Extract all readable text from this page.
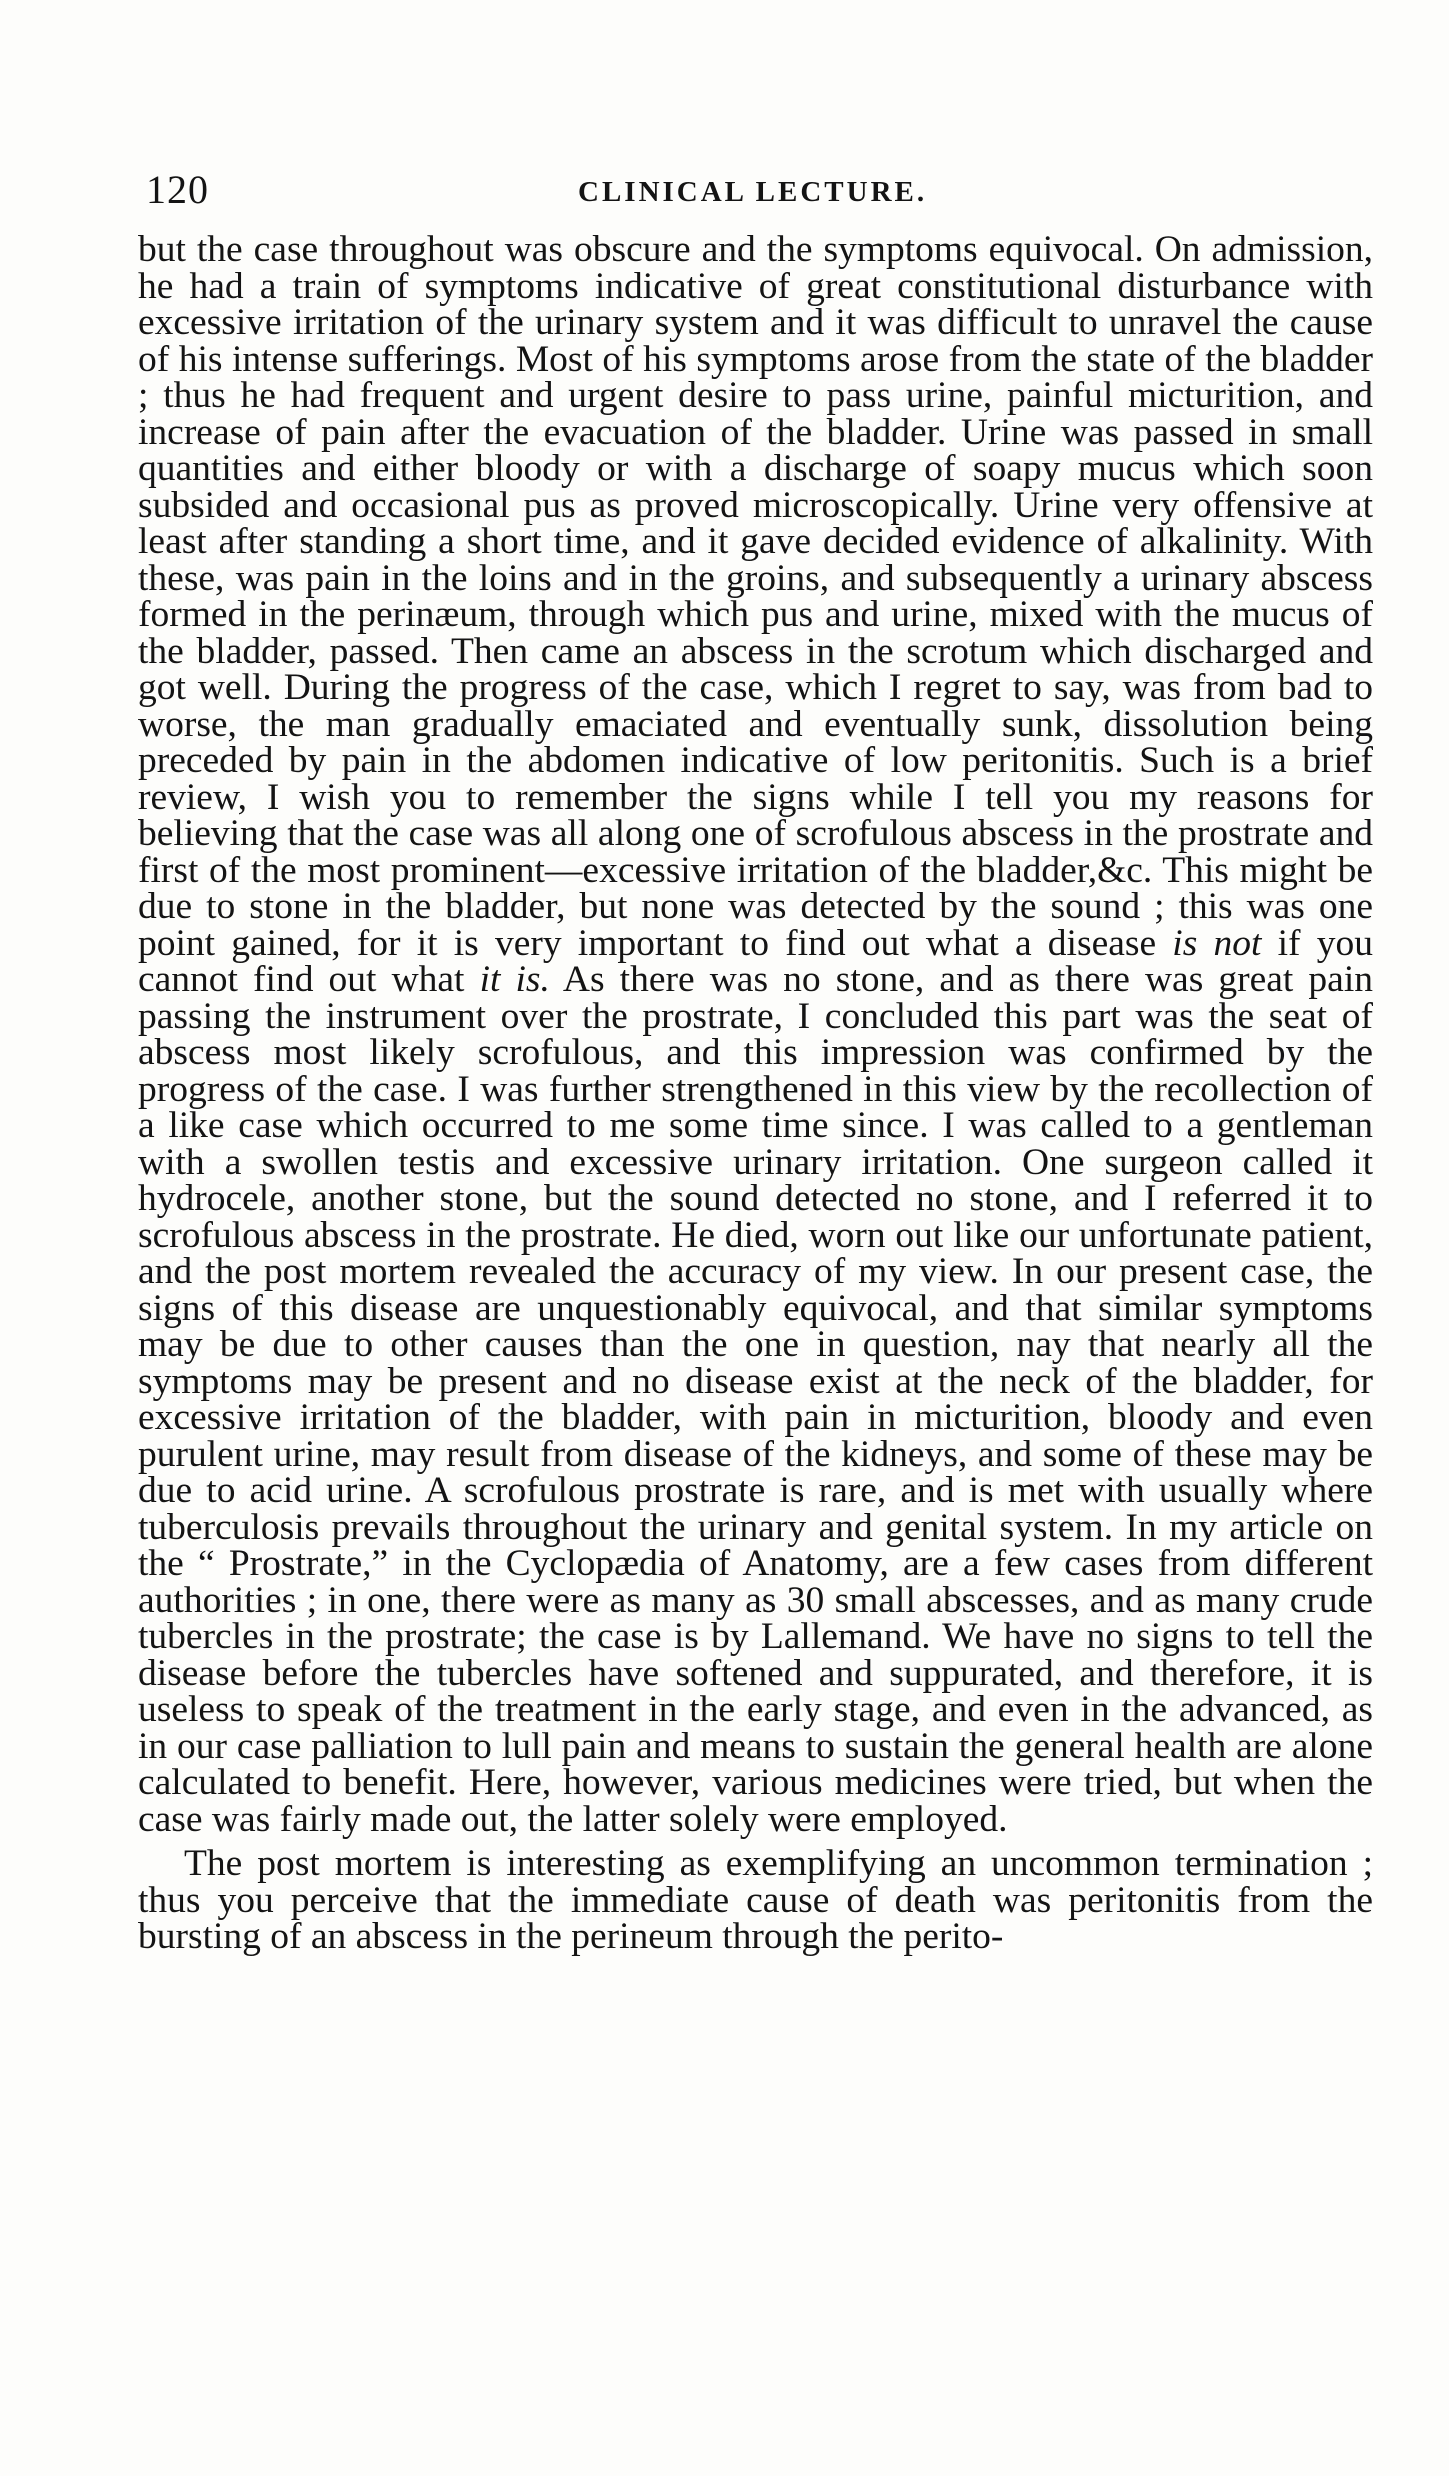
120	CLINICAL LECTURE.

but the case throughout was obscure and the symptoms equivocal. On admission, he had a train of symptoms indicative of great constitutional disturbance with excessive irritation of the urinary system and it was difficult to unravel the cause of his intense sufferings. Most of his symptoms arose from the state of the bladder ; thus he had frequent and urgent desire to pass urine, painful micturition, and increase of pain after the evacuation of the bladder. Urine was passed in small quantities and either bloody or with a discharge of soapy mucus which soon subsided and occasional pus as proved microscopically. Urine very offensive at least after standing a short time, and it gave decided evidence of alkalinity. With these, was pain in the loins and in the groins, and subsequently a urinary abscess formed in the perinæum, through which pus and urine, mixed with the mucus of the bladder, passed. Then came an abscess in the scrotum which discharged and got well. During the progress of the case, which I regret to say, was from bad to worse, the man gradually emaciated and eventually sunk, dissolution being preceded by pain in the abdomen indicative of low peritonitis. Such is a brief review, I wish you to remember the signs while I tell you my reasons for believing that the case was all along one of scrofulous abscess in the prostrate and first of the most prominent—excessive irritation of the bladder,&c. This might be due to stone in the bladder, but none was detected by the sound ; this was one point gained, for it is very important to find out what a disease is not if you cannot find out what it is. As there was no stone, and as there was great pain passing the instrument over the prostrate, I concluded this part was the seat of abscess most likely scrofulous, and this impression was confirmed by the progress of the case. I was further strengthened in this view by the recollection of a like case which occurred to me some time since. I was called to a gentleman with a swollen testis and excessive urinary irritation. One surgeon called it hydrocele, another stone, but the sound detected no stone, and I referred it to scrofulous abscess in the prostrate. He died, worn out like our unfortunate patient, and the post mortem revealed the accuracy of my view. In our present case, the signs of this disease are unquestionably equivocal, and that similar symptoms may be due to other causes than the one in question, nay that nearly all the symptoms may be present and no disease exist at the neck of the bladder, for excessive irritation of the bladder, with pain in micturition, bloody and even purulent urine, may result from disease of the kidneys, and some of these may be due to acid urine. A scrofulous prostrate is rare, and is met with usually where tuberculosis prevails throughout the urinary and genital system. In my article on the “ Prostrate,” in the Cyclopædia of Anatomy, are a few cases from different authorities ; in one, there were as many as 30 small abscesses, and as many crude tubercles in the prostrate; the case is by Lallemand. We have no signs to tell the disease before the tubercles have softened and suppurated, and therefore, it is useless to speak of the treatment in the early stage, and even in the advanced, as in our case palliation to lull pain and means to sustain the general health are alone calculated to benefit. Here, however, various medicines were tried, but when the case was fairly made out, the latter solely were employed.

The post mortem is interesting as exemplifying an uncommon termination ; thus you perceive that the immediate cause of death was peritonitis from the bursting of an abscess in the perineum through the perito-
